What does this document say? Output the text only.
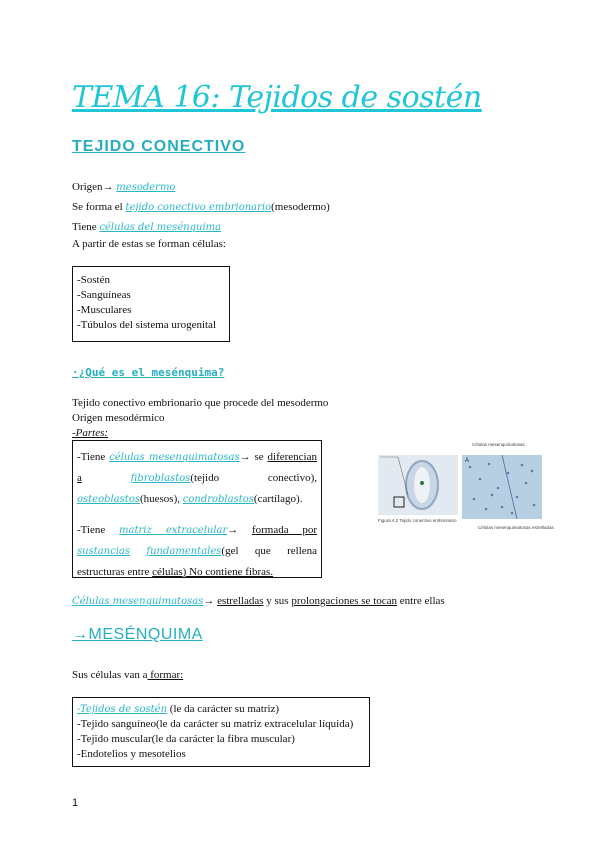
TEMA 16: Tejidos de sostén
TEJIDO CONECTIVO
Origen→ mesodermo
Se forma el tejido conectivo embrionario(mesodermo)
Tiene células del mesénquima
A partir de estas se forman células:
-Sostén
-Sanguíneas
-Musculares
-Túbulos del sistema urogenital
·¿Qué es el mesénquima?
Tejido conectivo embrionario que procede del mesodermo
Origen mesodérmico
-Partes:
-Tiene células mesenquimatosas→ se diferencian a	fibroblastos(tejido conectivo), osteoblastos(huesos), condroblastos(cartílago).
-Tiene matriz extracelular→ formada por sustancias fundamentales(gel que rellena estructuras entre células) No contiene fibras.
Células mesenquimatosas
A
Figura 4.2 Tejido conectivo embrionario
Células mesenquimatosas estrelladas
Células mesenquimatosas→ estrelladas y sus prolongaciones se tocan entre ellas
→MESÉNQUIMA
Sus células van a formar:
-Tejidos de sostén (le da carácter su matriz)
-Tejido sanguíneo(le da carácter su matriz extracelular líquida)
-Tejido muscular(le da carácter la fibra muscular)
-Endotelios y mesotelios
1
